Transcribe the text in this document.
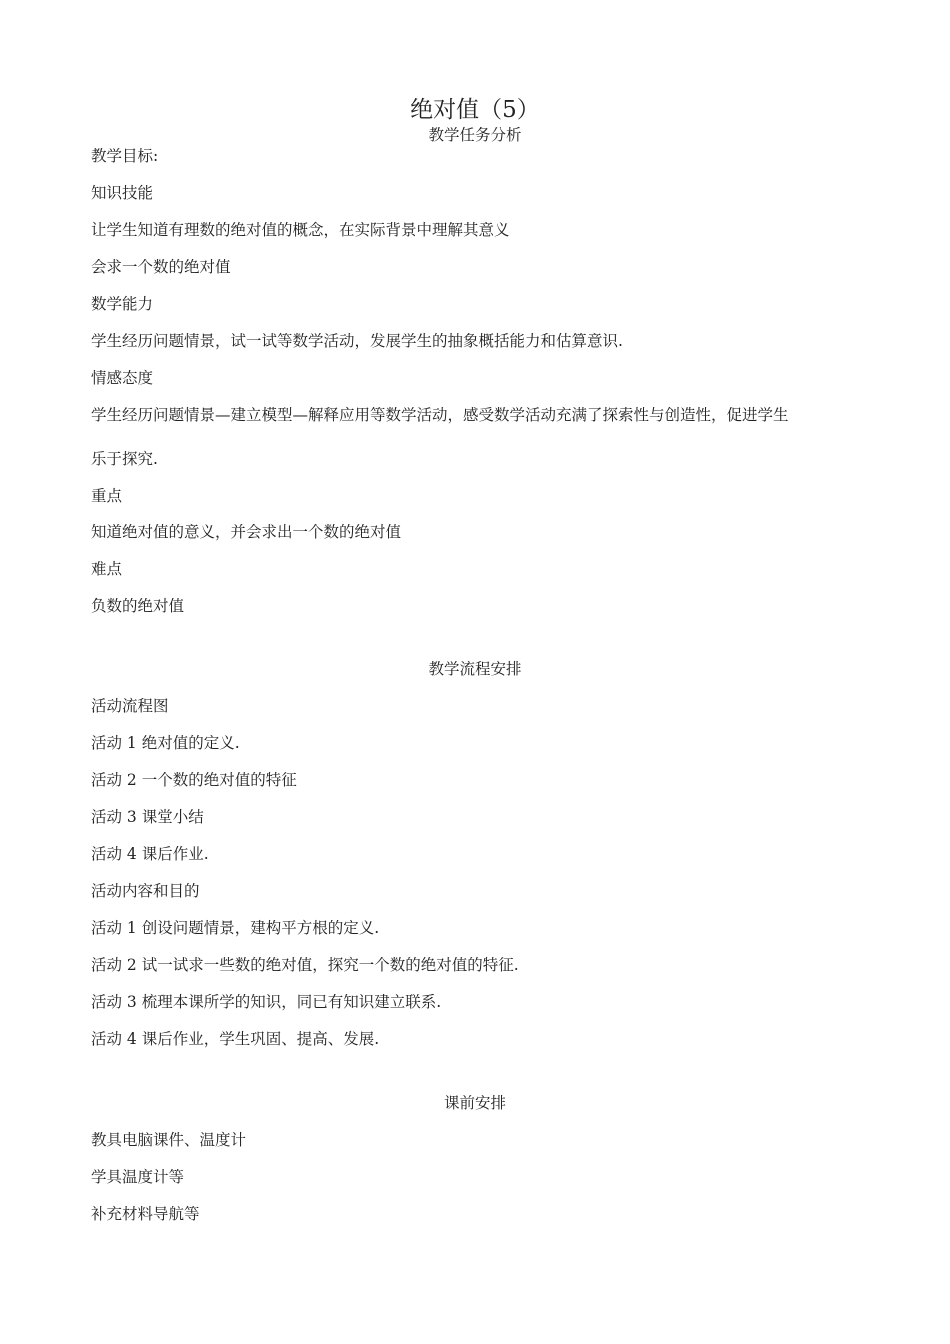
绝对值（5）
教学任务分析
教学目标:
知识技能
让学生知道有理数的绝对值的概念，在实际背景中理解其意义
会求一个数的绝对值
数学能力
学生经历问题情景，试一试等数学活动，发展学生的抽象概括能力和估算意识.
情感态度
学生经历问题情景—建立模型—解释应用等数学活动，感受数学活动充满了探索性与创造性，促进学生
乐于探究.
重点
知道绝对值的意义，并会求出一个数的绝对值
难点
负数的绝对值
教学流程安排
活动流程图
活动 1 绝对值的定义.
活动 2 一个数的绝对值的特征
活动 3 课堂小结
活动 4 课后作业.
活动内容和目的
活动 1 创设问题情景，建构平方根的定义.
活动 2 试一试求一些数的绝对值，探究一个数的绝对值的特征.
活动 3 梳理本课所学的知识，同已有知识建立联系.
活动 4 课后作业，学生巩固、提高、发展.
课前安排
教具电脑课件、温度计
学具温度计等
补充材料导航等
